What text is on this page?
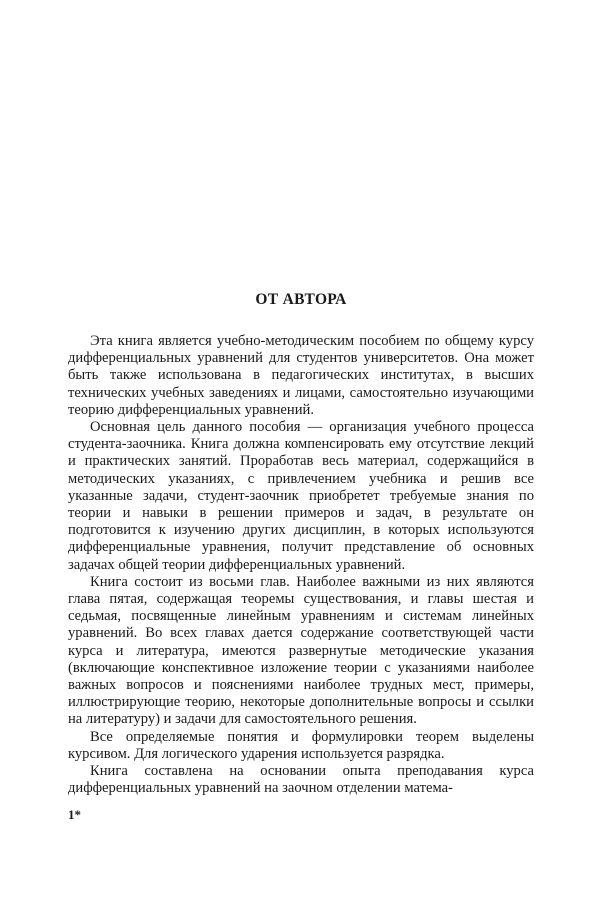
ОТ АВТОРА

Эта книга является учебно-методическим пособием по общему курсу дифференциальных уравнений для студентов университетов. Она может быть также использована в педагогических институтах, в высших технических учебных заведениях и лицами, самостоятельно изучающими теорию дифференциальных уравнений.

Основная цель данного пособия — организация учебного процесса студента-заочника. Книга должна компенсировать ему отсутствие лекций и практических занятий. Проработав весь материал, содержащийся в методических указаниях, с привлечением учебника и решив все указанные задачи, студент-заочник приобретет требуемые знания по теории и навыки в решении примеров и задач, в результате он подготовится к изучению других дисциплин, в которых используются дифференциальные уравнения, получит представление об основных задачах общей теории дифференциальных уравнений.

Книга состоит из восьми глав. Наиболее важными из них являются глава пятая, содержащая теоремы существования, и главы шестая и седьмая, посвященные линейным уравнениям и системам линейных уравнений. Во всех главах дается содержание соответствующей части курса и литература, имеются развернутые методические указания (включающие конспективное изложение теории с указаниями наиболее важных вопросов и пояснениями наиболее трудных мест, примеры, иллюстрирующие теорию, некоторые дополнительные вопросы и ссылки на литературу) и задачи для самостоятельного решения.

Все определяемые понятия и формулировки теорем выделены курсивом. Для логического ударения используется разрядка.

Книга составлена на основании опыта преподавания курса дифференциальных уравнений на заочном отделении матема-

1*
